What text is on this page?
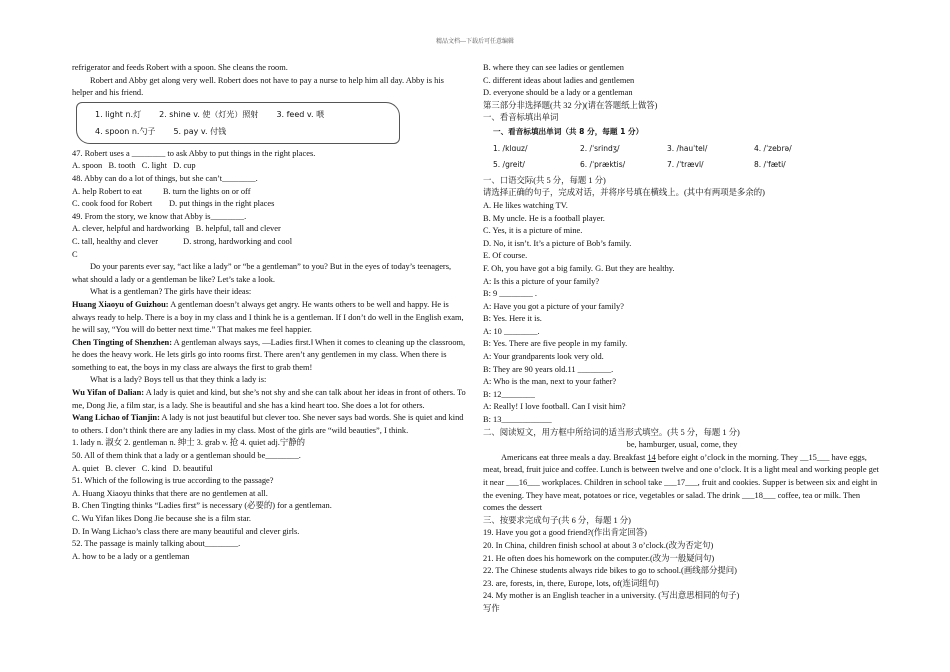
精品文档---下载后可任意编辑
refrigerator and feeds Robert with a spoon. She cleans the room.
Robert and Abby get along very well. Robert does not have to pay a nurse to help him all day. Abby is his helper and his friend.
1. light n.灯 2. shine v. 使（灯光）照射 3. feed v. 喂
4. spoon n.勺子 5. pay v. 付钱
47. Robert uses a ________ to ask Abby to put things in the right places.
A. spoon   B. tooth   C. light   D. cup
48. Abby can do a lot of things, but she can’t________.
A. help Robert to eat          B. turn the lights on or off
C. cook food for Robert        D. put things in the right places
49. From the story, we know that Abby is________.
A. clever, helpful and hardworking   B. helpful, tall and clever
C. tall, healthy and clever            D. strong, hardworking and cool
C
Do your parents ever say, “act like a lady” or “be a gentleman” to you? But in the eyes of today’s teenagers, what should a lady or a gentleman be like? Let’s take a look.
What is a gentleman? The girls have their ideas:
Huang Xiaoyu of Guizhou: A gentleman doesn’t always get angry. He wants others to be well and happy. He is always ready to help. There is a boy in my class and I think he is a gentleman. If I don’t do well in the English exam, he will say, “You will do better next time.” That makes me feel happier.
Chen Tingting of Shenzhen: A gentleman always says, —Ladies first.‖ When it comes to cleaning up the classroom, he does the heavy work. He lets girls go into rooms first. There aren’t any gentlemen in my class. When there is something to eat, the boys in my class are always the first to grab them!
What is a lady? Boys tell us that they think a lady is:
Wu Yifan of Dalian: A lady is quiet and kind, but she’s not shy and she can talk about her ideas in front of others. To me, Dong Jie, a film star, is a lady. She is beautiful and she has a kind heart too. She does a lot for others.
Wang Lichao of Tianjin: A lady is not just beautiful but clever too. She never says bad words. She is quiet and kind to others. I don’t think there are any ladies in my class. Most of the girls are “wild beauties”, I think.
1. lady n. 淑女 2. gentleman n. 绅士 3. grab v. 抢 4. quiet adj.宁静的
50. All of them think that a lady or a gentleman should be________.
A. quiet   B. clever   C. kind   D. beautiful
51. Which of the following is true according to the passage?
A. Huang Xiaoyu thinks that there are no gentlemen at all.
B. Chen Tingting thinks “Ladies first” is necessary (必要的) for a gentleman.
C. Wu Yifan likes Dong Jie because she is a film star.
D. In Wang Lichao’s class there are many beautiful and clever girls.
52. The passage is mainly talking about________.
A. how to be a lady or a gentleman
B. where they can see ladies or gentlemen
C. different ideas about ladies and gentlemen
D. everyone should be a lady or a gentleman
第三部分非选择题(共 32 分)(请在答题纸上做答)
一、看音标填出单词
一、看音标填出单词（共 8 分，每题 1 分）
1. /klɑuz/	2. /ˈsrindʒ/	3. /hauˈtel/	4. /ˈzebrə/
5. /greit/	6. /ˈpræktis/	7. /ˈtrævl/	8. /ˈfæti/
一、口语交际(共 5 分，每题 1 分)
请选择正确的句子，完成对话，并将序号填在横线上。(其中有两项是多余的)
A. He likes watching TV.
B. My uncle. He is a football player.
C. Yes, it is a picture of mine.
D. No, it isn’t. It’s a picture of Bob’s family.
E. Of course.
F. Oh, you have got a big family. G. But they are healthy.
A: Is this a picture of your family?
B: 9 ________ .
A: Have you got a picture of your family?
B: Yes. Here it is.
A: 10 ________.
B: Yes. There are five people in my family.
A: Your grandparents look very old.
B: They are 90 years old.11 ________.
A: Who is the man, next to your father?
B: 12________
A: Really! I love football. Can I visit him?
B: 13____________
二、阅读短文，用方框中所给词的适当形式填空。(共 5 分，每题 1 分)
be, hamburger, usual, come, they
Americans eat three meals a day. Breakfast 14 before eight o’clock in the morning. They __15___ have eggs, meat, bread, fruit juice and coffee. Lunch is between twelve and one o’clock. It is a light meal and working people get it near ___16___ workplaces. Children in school take ___17___, fruit and cookies. Supper is between six and eight in the evening. They have meat, potatoes or rice, vegetables or salad. The drink ___18___ coffee, tea or milk. Then comes the dessert
三、按要求完成句子(共 6 分，每题 1 分)
19. Have you got a good friend?(作出肯定回答)
20. In China, children finish school at about 3 o’clock.(改为否定句)
21. He often does his homework on the computer.(改为一般疑问句)
22. The Chinese students always ride bikes to go to school.(画线部分提问)
23. are, forests, in, there, Europe, lots, of(连词组句)
24. My mother is an English teacher in a university. (写出意思相同的句子)
写作
